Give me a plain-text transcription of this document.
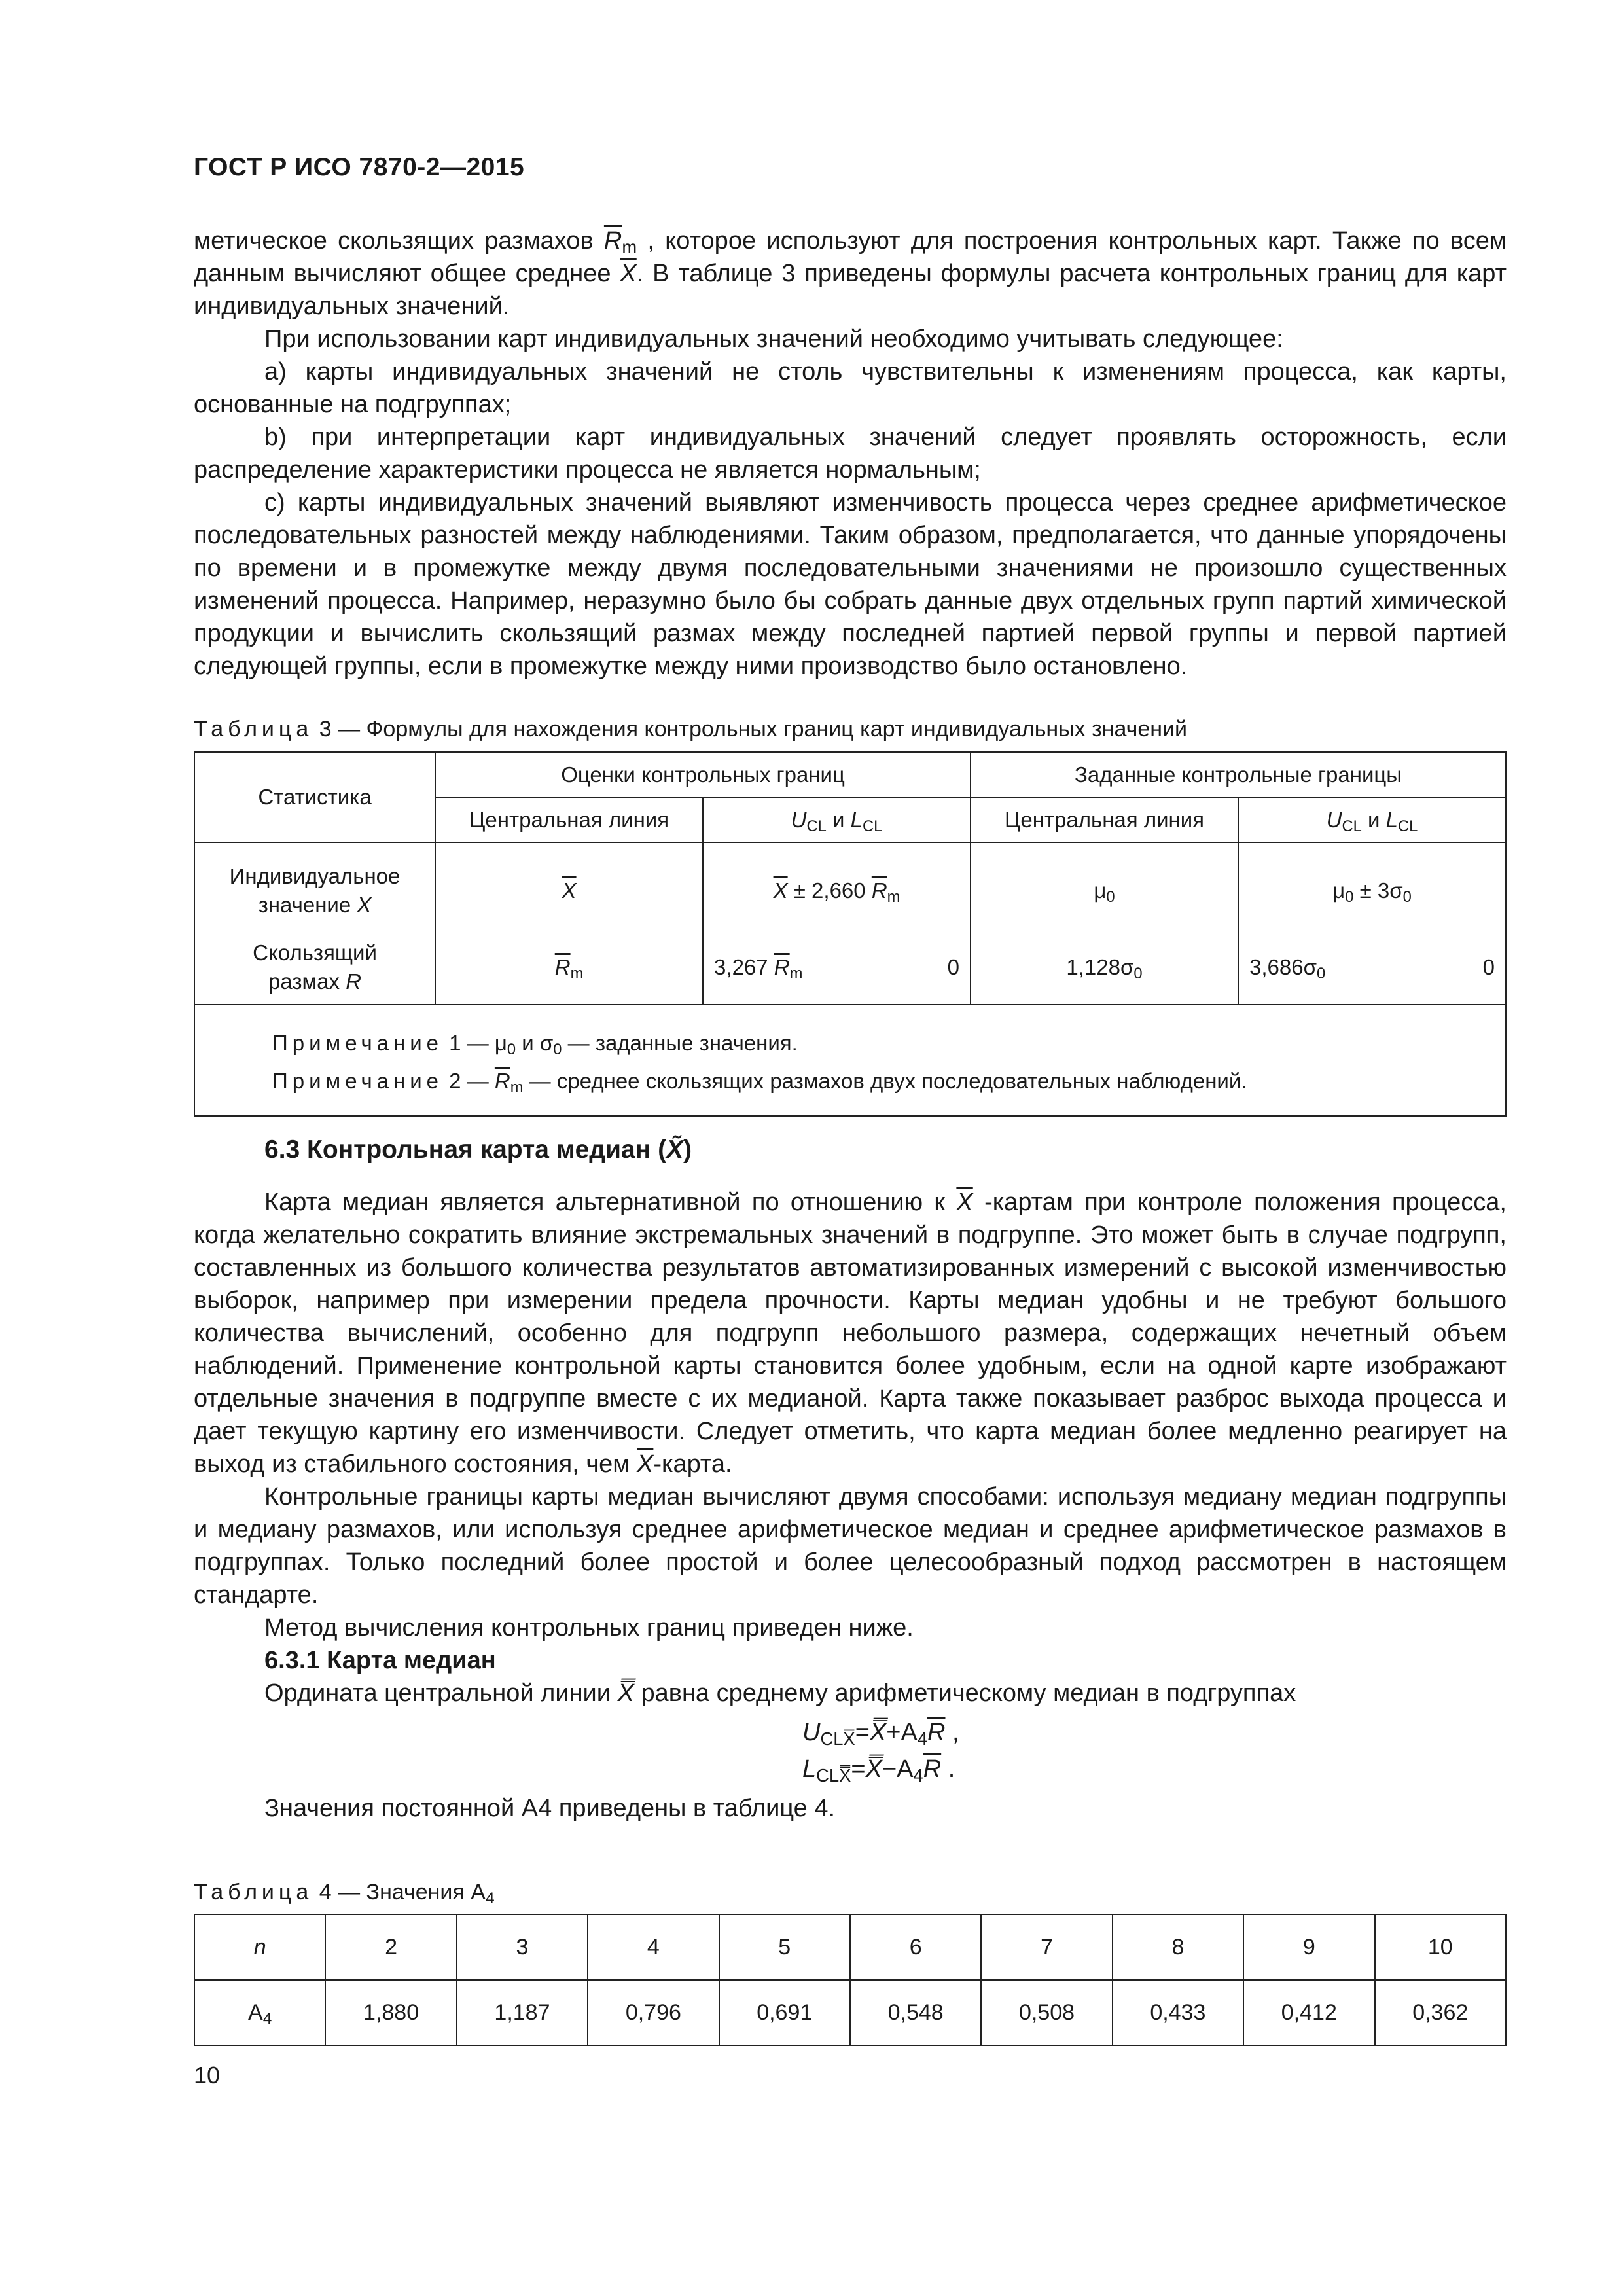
ГОСТ Р ИСО 7870-2—2015

метическое скользящих размахов $\overline{R}_m$ , которое используют для построения контрольных карт. Также по всем данным вычисляют общее среднее $\overline{X}$. В таблице 3 приведены формулы расчета контрольных границ для карт индивидуальных значений.

При использовании карт индивидуальных значений необходимо учитывать следующее:

a) карты индивидуальных значений не столь чувствительны к изменениям процесса, как карты, основанные на подгруппах;

b) при интерпретации карт индивидуальных значений следует проявлять осторожность, если распределение характеристики процесса не является нормальным;

c) карты индивидуальных значений выявляют изменчивость процесса через среднее арифметическое последовательных разностей между наблюдениями. Таким образом, предполагается, что данные упорядочены по времени и в промежутке между двумя последовательными значениями не произошло существенных изменений процесса. Например, неразумно было бы собрать данные двух отдельных групп партий химической продукции и вычислить скользящий размах между последней партией первой группы и первой партией следующей группы, если в промежутке между ними производство было остановлено.

Таблица 3 — Формулы для нахождения контрольных границ карт индивидуальных значений

Статистика	Оценки контрольных границ		Заданные контрольные границы	
	Центральная линия	$U_{CL}$ и $L_{CL}$	Центральная линия	$U_{CL}$ и $L_{CL}$
Индивидуальное
значение X	$\overline{X}$	$\overline{X} \pm 2,660$ $\overline{R}_m$	$\mu_0$	$\mu_0 \pm 3\sigma_0$
Скользящий
размах R	$\overline{R}_m$	3,267 $\overline{R}_m$ 0	$1,128\sigma_0$	$3,686\sigma_0$ 0

Примечание 1 — $\mu_0$ и $\sigma_0$ — заданные значения.

Примечание 2 — $\overline{R}_m$ — среднее скользящих размахов двух последовательных наблюдений.				

6.3 Контрольная карта медиан (X̃)

Карта медиан является альтернативной по отношению к $\overline{X}$ -картам при контроле положения процесса, когда желательно сократить влияние экстремальных значений в подгруппе. Это может быть в случае подгрупп, составленных из большого количества результатов автоматизированных измерений с высокой изменчивостью выборок, например при измерении предела прочности. Карты медиан удобны и не требуют большого количества вычислений, особенно для подгрупп небольшого размера, содержащих нечетный объем наблюдений. Применение контрольной карты становится более удобным, если на одной карте изображают отдельные значения в подгруппе вместе с их медианой. Карта также показывает разброс выхода процесса и дает текущую картину его изменчивости. Следует отметить, что карта медиан более медленно реагирует на выход из стабильного состояния, чем $\overline{X}$-карта.

Контрольные границы карты медиан вычисляют двумя способами: используя медиану медиан подгруппы и медиану размахов, или используя среднее арифметическое медиан и среднее арифметическое размахов в подгруппах. Только последний более простой и более целесообразный подход рассмотрен в настоящем стандарте.

Метод вычисления контрольных границ приведен ниже.

6.3.1 Карта медиан

Ордината центральной линии X̿ равна среднему арифметическому медиан в подгруппах

$U_{CLX̿}=X̿+A_4\overline{R}$ ,

$L_{CLX̿}=X̿-A_4\overline{R}$ .

Значения постоянной A4 приведены в таблице 4.

Таблица 4 — Значения $A_4$

n	2	3	4	5	6	7	8	9	10
$A_4$	1,880	1,187	0,796	0,691	0,548	0,508	0,433	0,412	0,362
10
